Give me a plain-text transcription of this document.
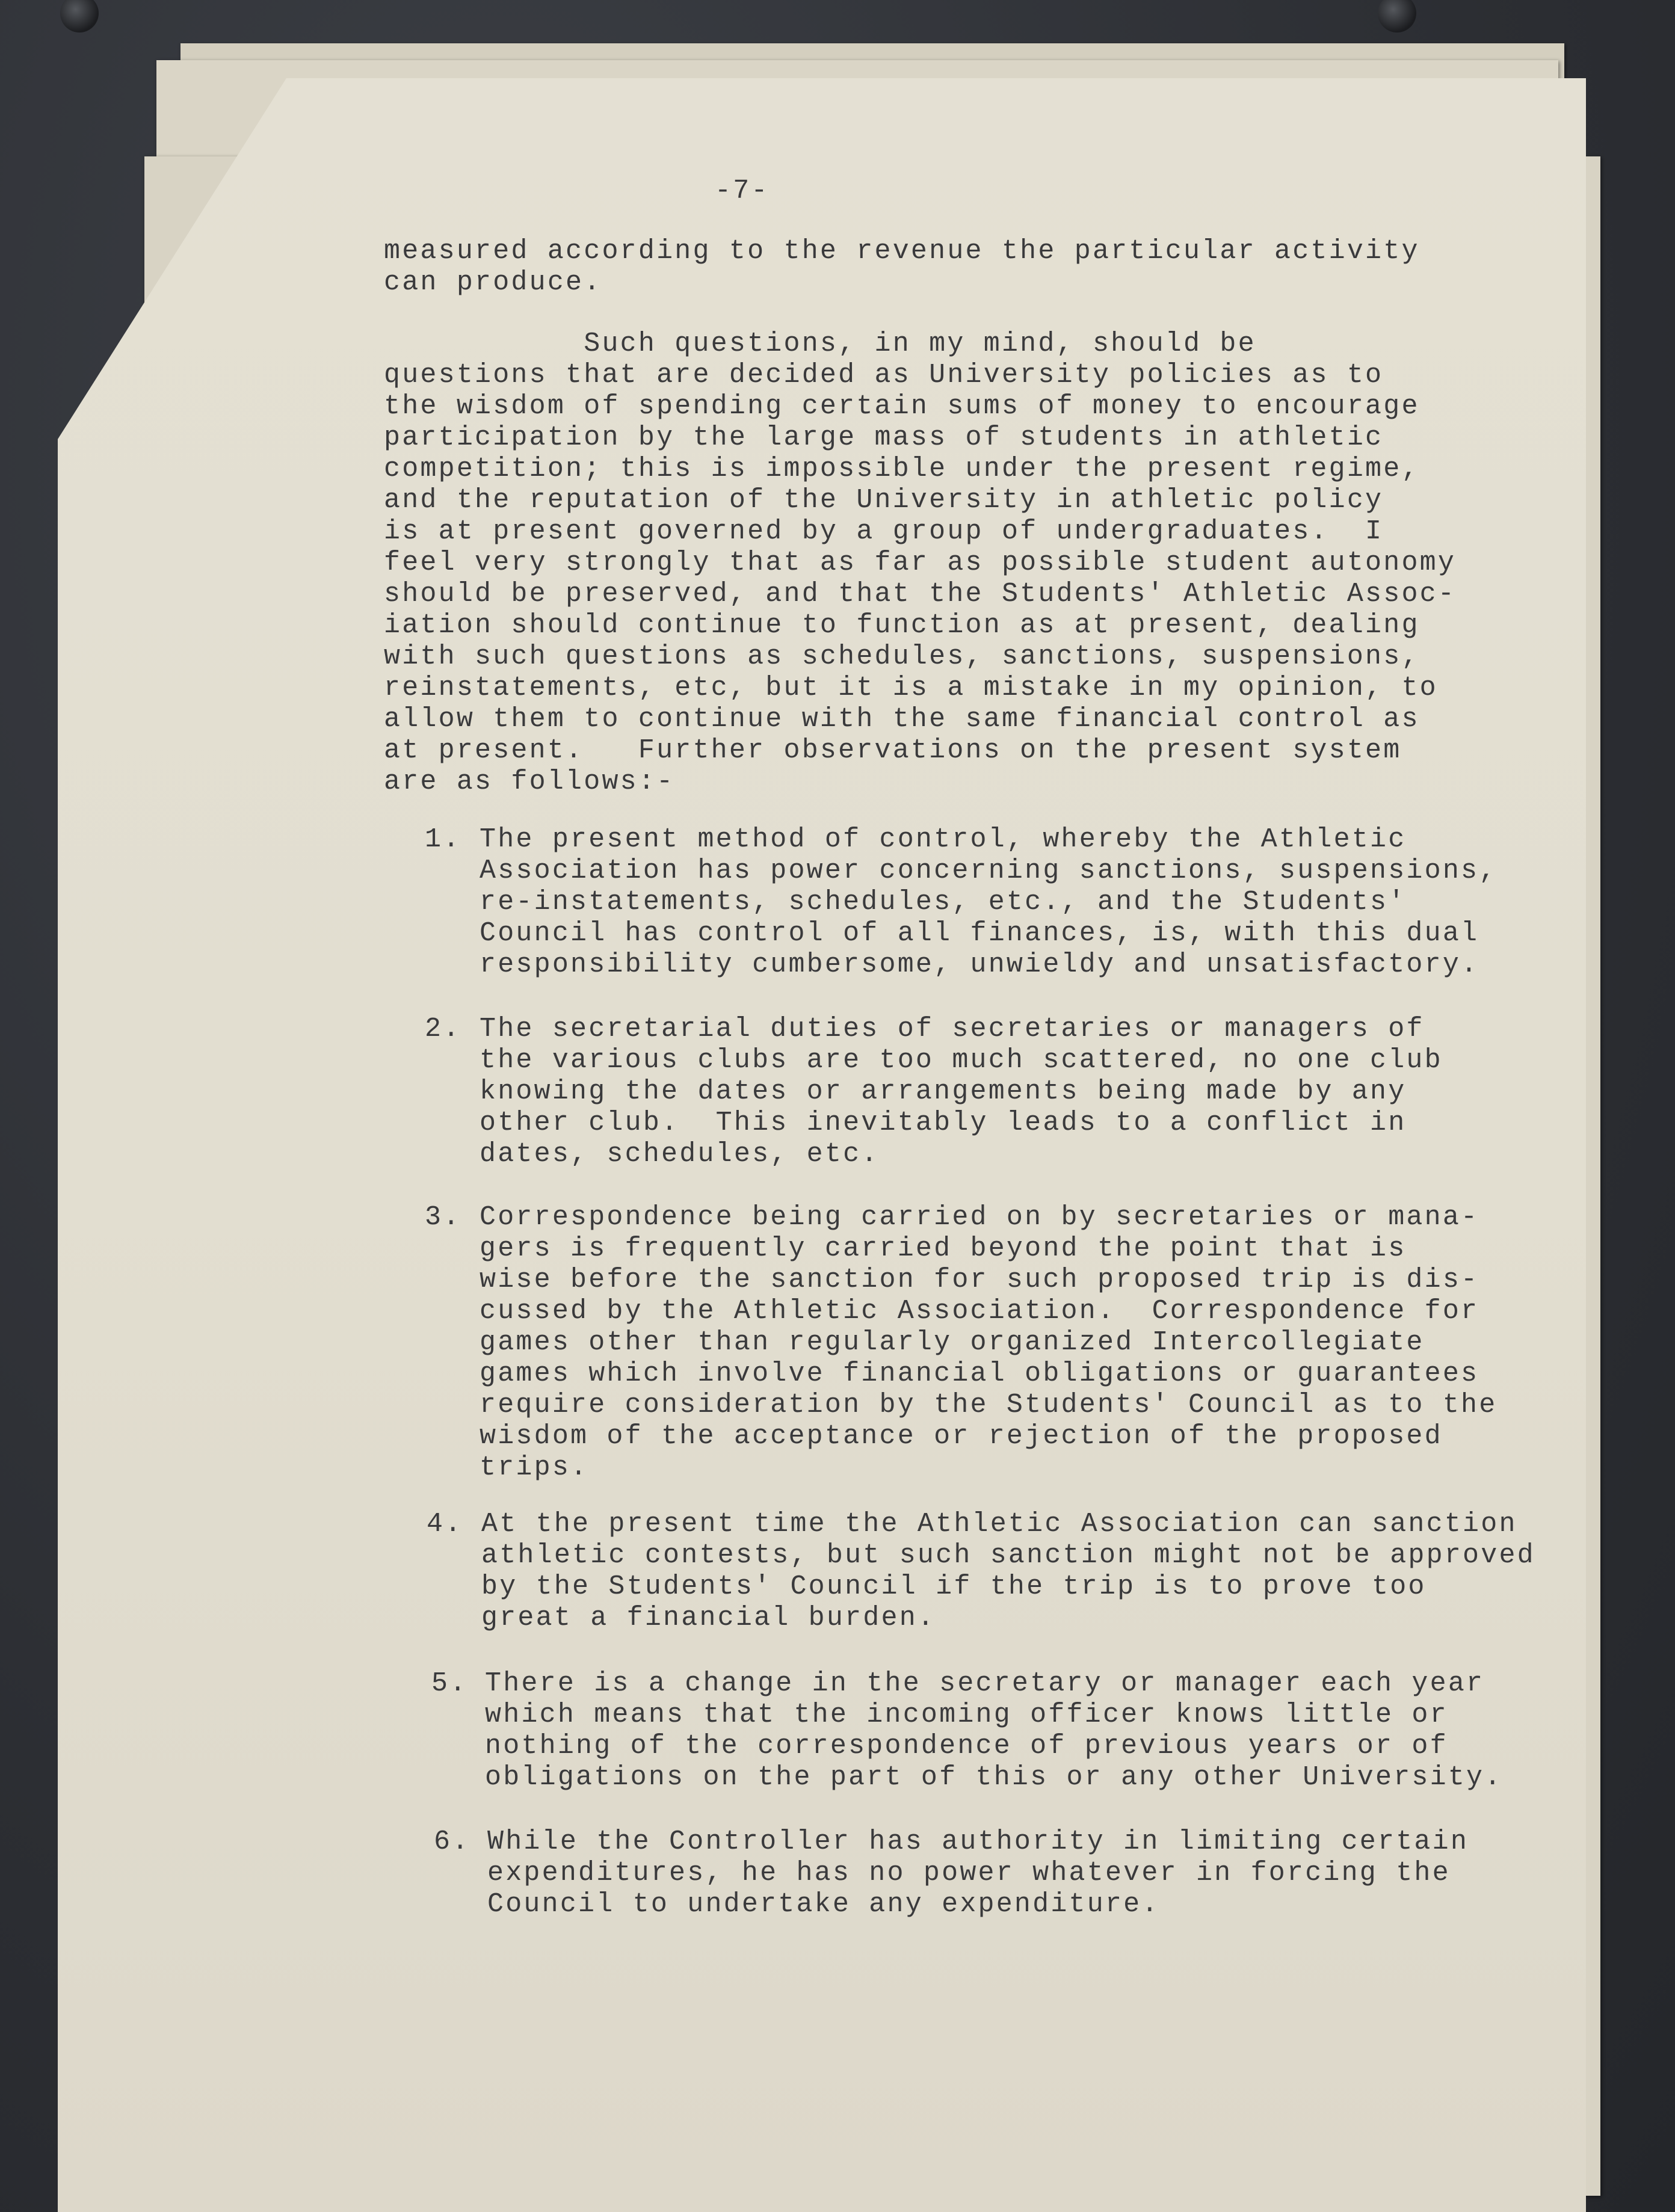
-7-
measured according to the revenue the particular activity
can produce.
Such questions, in my mind, should be
questions that are decided as University policies as to
the wisdom of spending certain sums of money to encourage
participation by the large mass of students in athletic
competition; this is impossible under the present regime,
and the reputation of the University in athletic policy
is at present governed by a group of undergraduates.  I
feel very strongly that as far as possible student autonomy
should be preserved, and that the Students' Athletic Assoc-
iation should continue to function as at present, dealing
with such questions as schedules, sanctions, suspensions,
reinstatements, etc, but it is a mistake in my opinion, to
allow them to continue with the same financial control as
at present.   Further observations on the present system
are as follows:-
1. The present method of control, whereby the Athletic
Association has power concerning sanctions, suspensions,
re-instatements, schedules, etc., and the Students'
Council has control of all finances, is, with this dual
responsibility cumbersome, unwieldy and unsatisfactory.
2. The secretarial duties of secretaries or managers of
the various clubs are too much scattered, no one club
knowing the dates or arrangements being made by any
other club.  This inevitably leads to a conflict in
dates, schedules, etc.
3. Correspondence being carried on by secretaries or mana-
gers is frequently carried beyond the point that is
wise before the sanction for such proposed trip is dis-
cussed by the Athletic Association.  Correspondence for
games other than regularly organized Intercollegiate
games which involve financial obligations or guarantees
require consideration by the Students' Council as to the
wisdom of the acceptance or rejection of the proposed
trips.
4. At the present time the Athletic Association can sanction
athletic contests, but such sanction might not be approved
by the Students' Council if the trip is to prove too
great a financial burden.
5. There is a change in the secretary or manager each year
which means that the incoming officer knows little or
nothing of the correspondence of previous years or of
obligations on the part of this or any other University.
6. While the Controller has authority in limiting certain
expenditures, he has no power whatever in forcing the
Council to undertake any expenditure.
